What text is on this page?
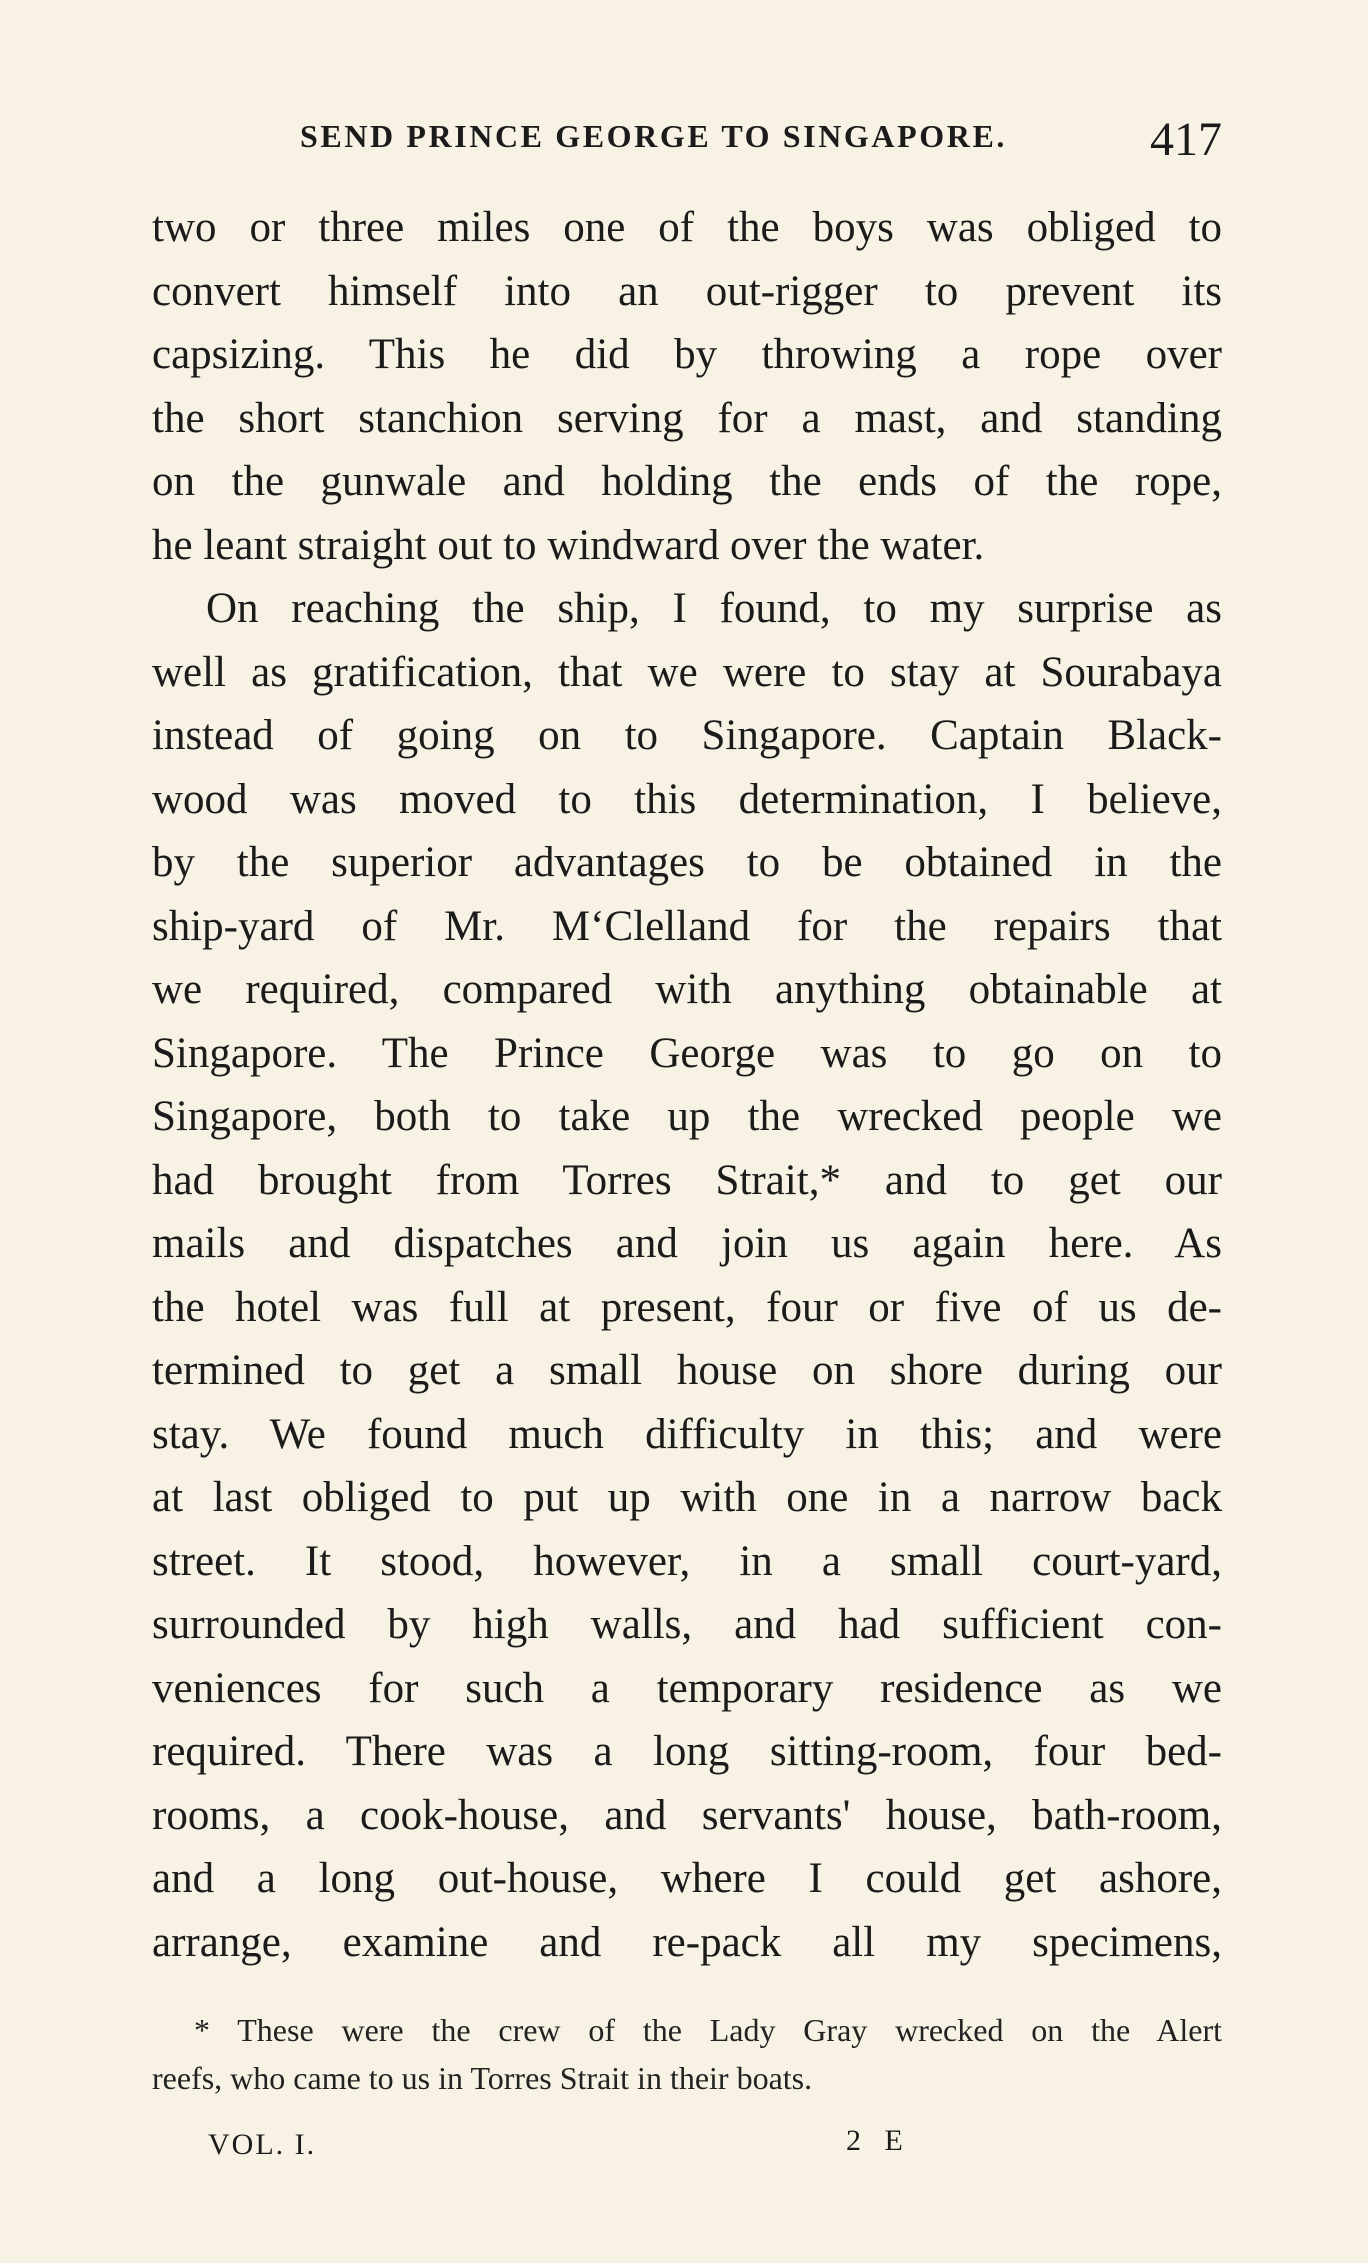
SEND PRINCE GEORGE TO SINGAPORE.	417
two or three miles one of the boys was obliged to
convert himself into an out-rigger to prevent its
capsizing. This he did by throwing a rope over
the short stanchion serving for a mast, and standing
on the gunwale and holding the ends of the rope,
he leant straight out to windward over the water.
On reaching the ship, I found, to my surprise as
well as gratification, that we were to stay at Sourabaya
instead of going on to Singapore. Captain Black-
wood was moved to this determination, I believe,
by the superior advantages to be obtained in the
ship-yard of Mr. M‘Clelland for the repairs that
we required, compared with anything obtainable at
Singapore. The Prince George was to go on to
Singapore, both to take up the wrecked people we
had brought from Torres Strait,* and to get our
mails and dispatches and join us again here. As
the hotel was full at present, four or five of us de-
termined to get a small house on shore during our
stay. We found much difficulty in this; and were
at last obliged to put up with one in a narrow back
street. It stood, however, in a small court-yard,
surrounded by high walls, and had sufficient con-
veniences for such a temporary residence as we
required. There was a long sitting-room, four bed-
rooms, a cook-house, and servants' house, bath-room,
and a long out-house, where I could get ashore,
arrange, examine and re-pack all my specimens,
* These were the crew of the Lady Gray wrecked on the Alert
reefs, who came to us in Torres Strait in their boats.
VOL. I.	2 E
